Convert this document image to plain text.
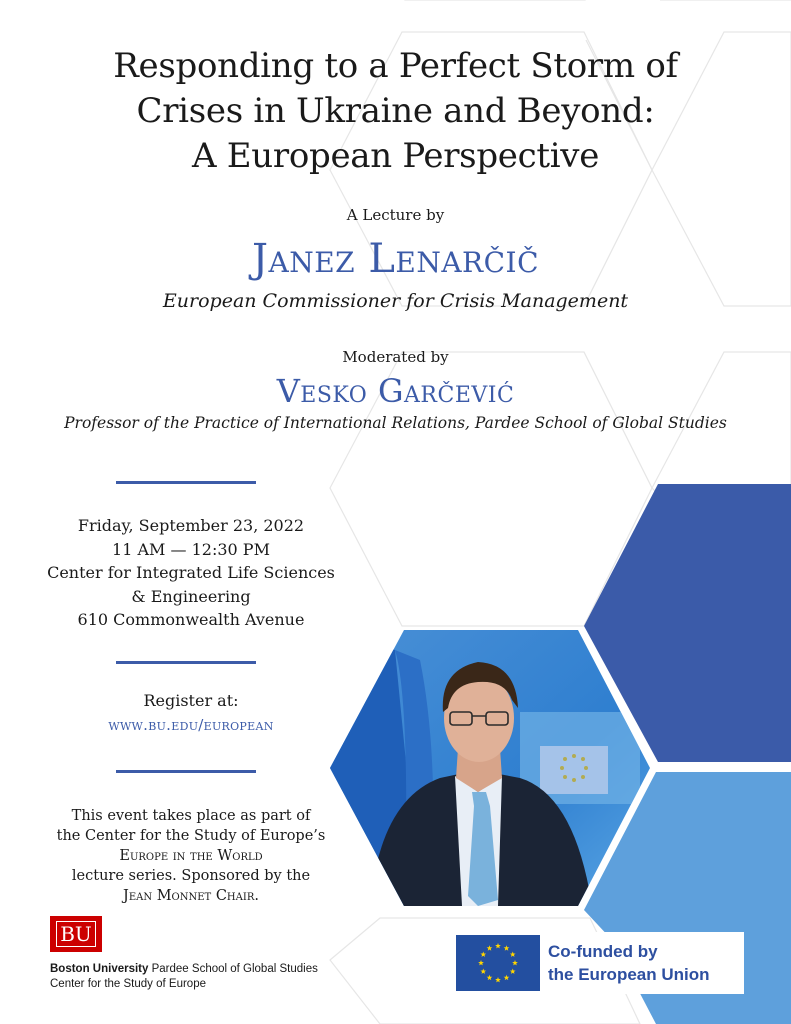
Responding to a Perfect Storm of
Crises in Ukraine and Beyond:
A European Perspective
A Lecture by
Janez Lenarčič
European Commissioner for Crisis Management
Moderated by
Vesko Garčević
Professor of the Practice of International Relations, Pardee School of Global Studies
Friday, September 23, 2022
11 AM — 12:30 PM
Center for Integrated Life Sciences
& Engineering
610 Commonwealth Avenue
Register at:
www.bu.edu/european
This event takes place as part of
the Center for the Study of Europe’s
Europe in the World
lecture series. Sponsored by the
Jean Monnet Chair.
BU
Boston University Pardee School of Global Studies
Center for the Study of Europe
Co-funded by
the European Union
